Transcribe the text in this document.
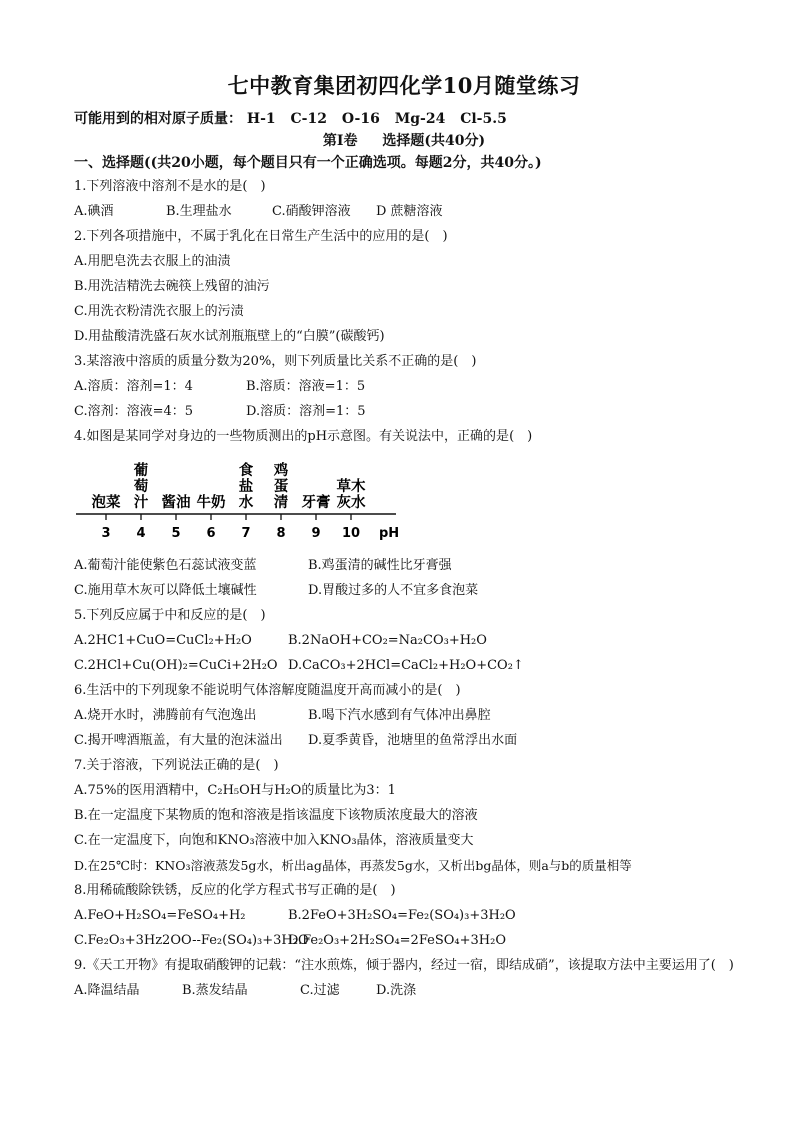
七中教育集团初四化学10月随堂练习
可能用到的相对原子质量： H-1 C-12 O-16 Mg-24 Cl-5.5
第Ⅰ卷 选择题(共40分)
一、选择题((共20小题，每个题目只有一个正确选项。每题2分，共40分。)
1.下列溶液中溶剂不是水的是(　)
A.碘酒	B.生理盐水	C.硝酸钾溶液	D 蔗糖溶液
2.下列各项措施中，不属于乳化在日常生产生活中的应用的是(　)
A.用肥皂洗去衣服上的油渍
B.用洗洁精洗去碗筷上残留的油污
C.用洗衣粉清洗衣服上的污渍
D.用盐酸清洗盛石灰水试剂瓶瓶壁上的“白膜”(碳酸钙)
3.某溶液中溶质的质量分数为20%，则下列质量比关系不正确的是(　)
A.溶质：溶剂=1：4	B.溶质：溶液=1：5
C.溶剂：溶液=4：5	D.溶质：溶剂=1：5
4.如图是某同学对身边的一些物质测出的pH示意图。有关说法中，正确的是(　)
泡菜
葡
萄
汁 酱油 牛奶
食
盐
水
鸡
蛋
清 牙膏
草木
灰水
3 4 5 6 7 8 9 10 pH
A.葡萄汁能使紫色石蕊试液变蓝	B.鸡蛋清的碱性比牙膏强
C.施用草木灰可以降低土壤碱性	D.胃酸过多的人不宜多食泡菜
5.下列反应属于中和反应的是(　)
A.2HC1+CuO=CuCl₂+H₂O	B.2NaOH+CO₂=Na₂CO₃+H₂O
C.2HCl+Cu(OH)₂=CuCi+2H₂O D.CaCO₃+2HCl=CaCl₂+H₂O+CO₂↑
6.生活中的下列现象不能说明气体溶解度随温度开高而减小的是(　)
A.烧开水时，沸腾前有气泡逸出	B.喝下汽水感到有气体冲出鼻腔
C.揭开啤酒瓶盖，有大量的泡沫溢出	D.夏季黄昏，池塘里的鱼常浮出水面
7.关于溶液，下列说法正确的是(　)
A.75%的医用酒精中，C₂H₅OH与H₂O的质量比为3：1
B.在一定温度下某物质的饱和溶液是指该温度下该物质浓度最大的溶液
C.在一定温度下，向饱和KNO₃溶液中加入KNO₃晶体，溶液质量变大
D.在25℃时：KNO₃溶液蒸发5g水，析出ag晶体，再蒸发5g水，又析出bg晶体，则a与b的质量相等
8.用稀硫酸除铁锈，反应的化学方程式书写正确的是(　)
A.FeO+H₂SO₄=FeSO₄+H₂	B.2FeO+3H₂SO₄=Fe₂(SO₄)₃+3H₂O
C.Fe₂O₃+3Hz2OO--Fe₂(SO₄)₃+3H₂O
D.Fe₂O₃+2H₂SO₄=2FeSO₄+3H₂O
9.《天工开物》有提取硝酸钾的记载：“注水煎炼，倾于器内，经过一宿，即结成硝”，该提取方法中主要运用了(　)
A.降温结晶	B.蒸发结晶	C.过滤	D.洗涤
